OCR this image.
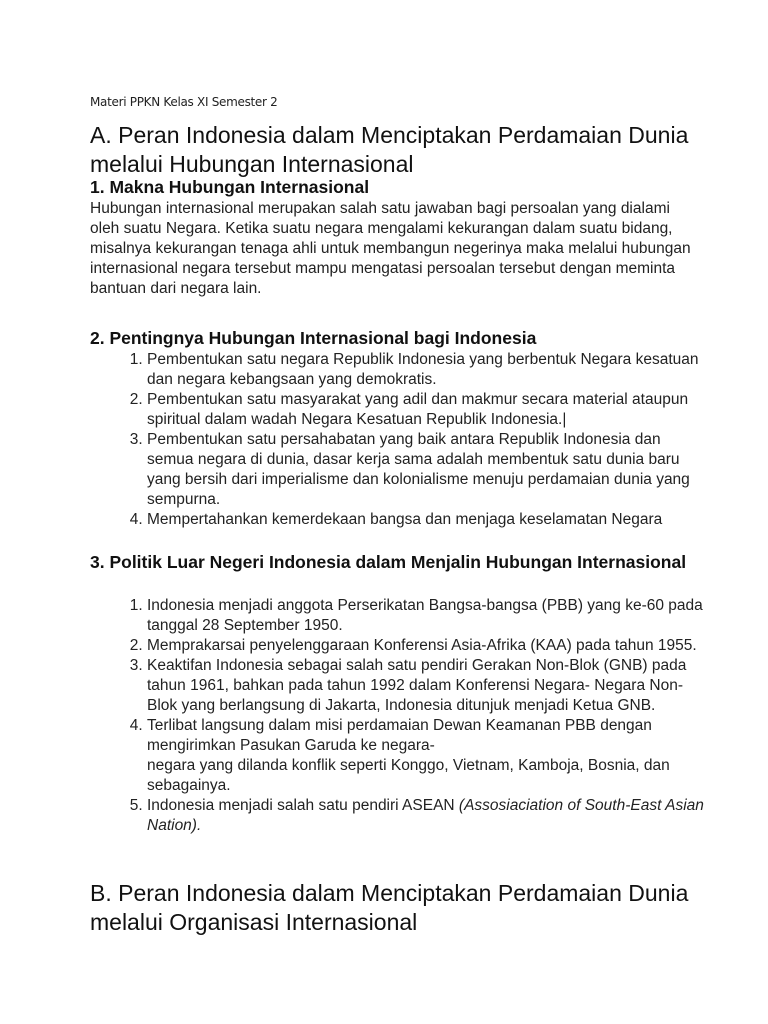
Materi PPKN Kelas XI Semester 2

A. Peran Indonesia dalam Menciptakan Perdamaian Dunia melalui Hubungan Internasional
1. Makna Hubungan Internasional

Hubungan internasional merupakan salah satu jawaban bagi persoalan yang dialami oleh suatu Negara. Ketika suatu negara mengalami kekurangan dalam suatu bidang, misalnya kekurangan tenaga ahli untuk membangun negerinya maka melalui hubungan internasional negara tersebut mampu mengatasi persoalan tersebut dengan meminta bantuan dari negara lain.

2. Pentingnya Hubungan Internasional bagi Indonesia
1. Pembentukan satu negara Republik Indonesia yang berbentuk Negara kesatuan dan negara kebangsaan yang demokratis.
2. Pembentukan satu masyarakat yang adil dan makmur secara material ataupun spiritual dalam wadah Negara Kesatuan Republik Indonesia.|
3. Pembentukan satu persahabatan yang baik antara Republik Indonesia dan semua negara di dunia, dasar kerja sama adalah membentuk satu dunia baru yang bersih dari imperialisme dan kolonialisme menuju perdamaian dunia yang sempurna.
4. Mempertahankan kemerdekaan bangsa dan menjaga keselamatan Negara
3. Politik Luar Negeri Indonesia dalam Menjalin Hubungan Internasional
1. Indonesia menjadi anggota Perserikatan Bangsa-bangsa (PBB) yang ke-60 pada tanggal 28 September 1950.
2. Memprakarsai penyelenggaraan Konferensi Asia-Afrika (KAA) pada tahun 1955.
3. Keaktifan Indonesia sebagai salah satu pendiri Gerakan Non-Blok (GNB) pada tahun 1961, bahkan pada tahun 1992 dalam Konferensi Negara- Negara Non-Blok yang berlangsung di Jakarta, Indonesia ditunjuk menjadi Ketua GNB.
4. Terlibat langsung dalam misi perdamaian Dewan Keamanan PBB dengan mengirimkan Pasukan Garuda ke negara-
negara yang dilanda konflik seperti Konggo, Vietnam, Kamboja, Bosnia, dan sebagainya.
5. Indonesia menjadi salah satu pendiri ASEAN (Assosiaciation of South-East Asian Nation).
B. Peran Indonesia dalam Menciptakan Perdamaian Dunia melalui Organisasi Internasional
